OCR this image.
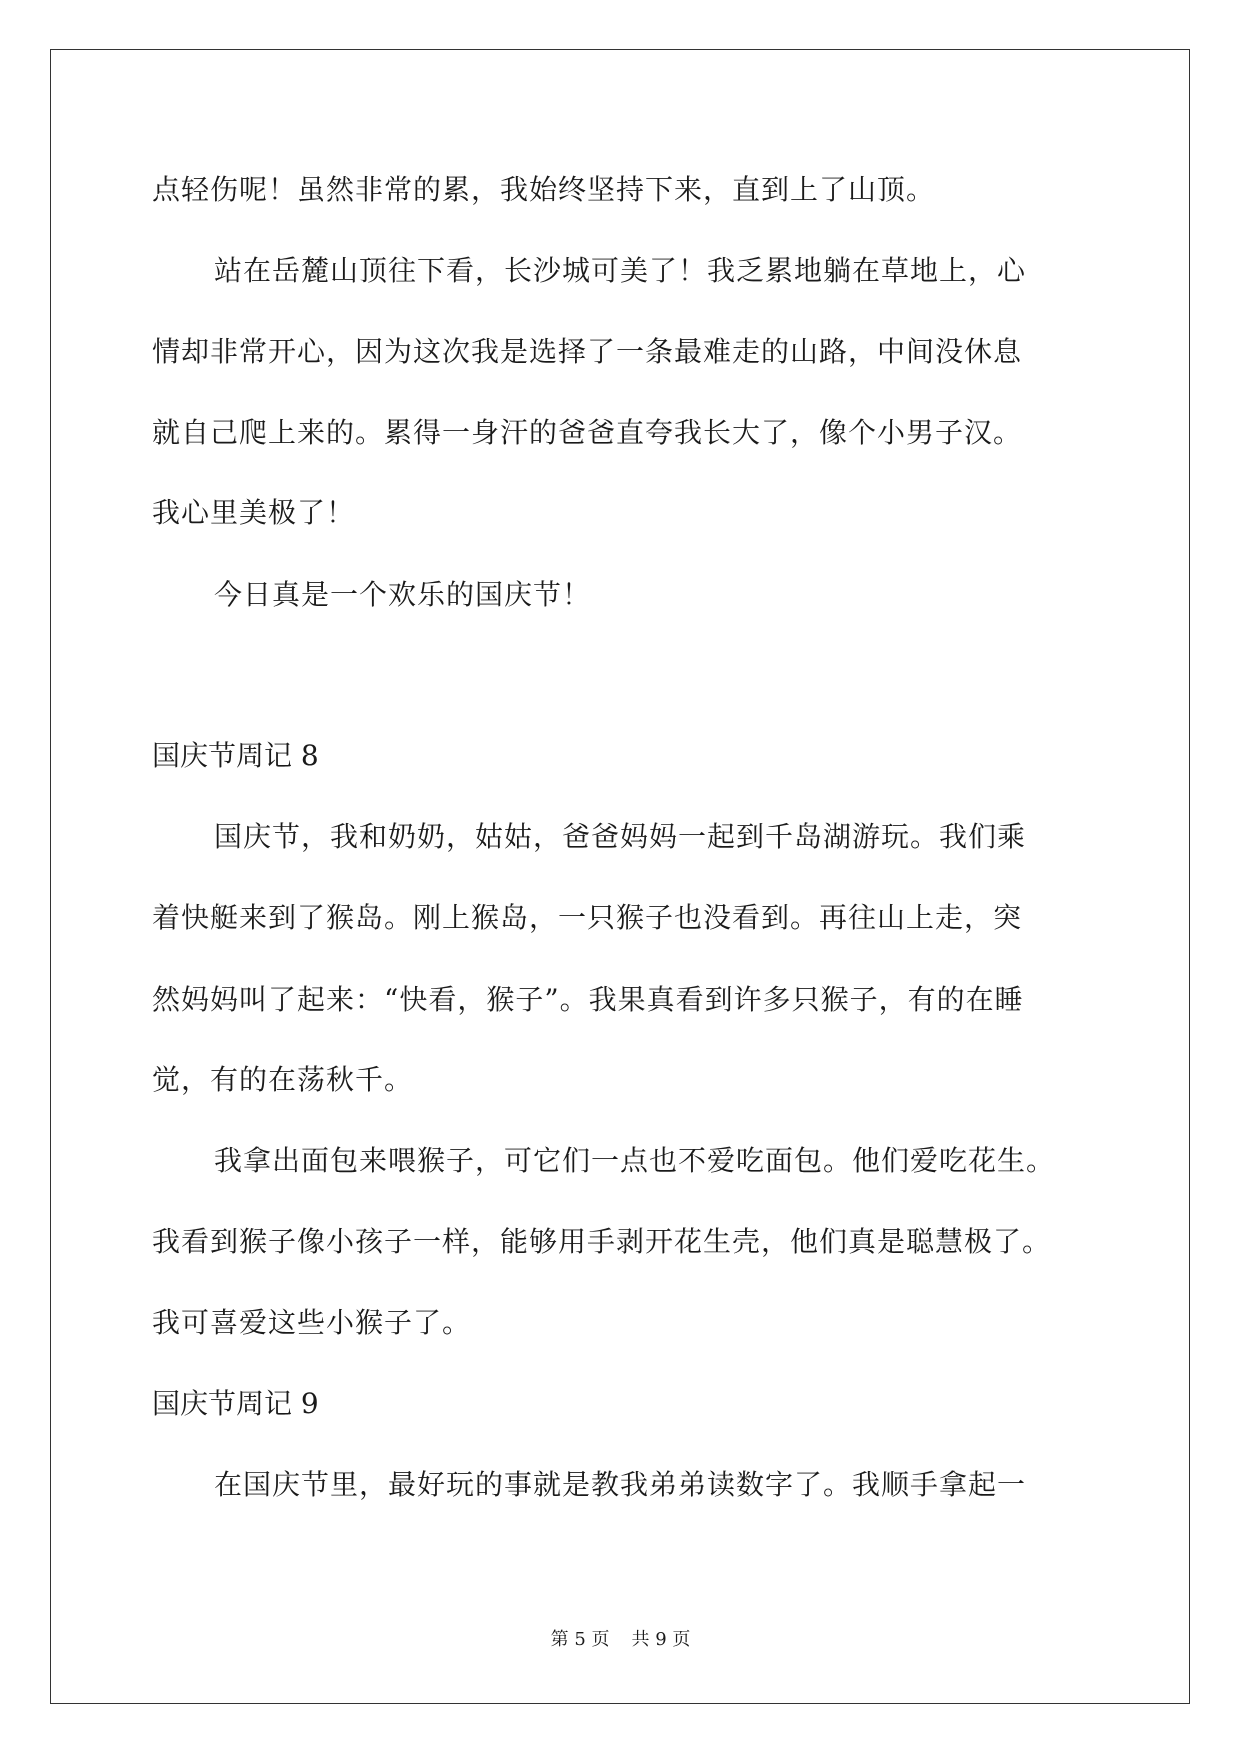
点轻伤呢！虽然非常的累，我始终坚持下来，直到上了山顶。
站在岳麓山顶往下看，长沙城可美了！我乏累地躺在草地上，心
情却非常开心，因为这次我是选择了一条最难走的山路，中间没休息
就自己爬上来的。累得一身汗的爸爸直夸我长大了，像个小男子汉。
我心里美极了！
今日真是一个欢乐的国庆节！
国庆节周记 8
国庆节，我和奶奶，姑姑，爸爸妈妈一起到千岛湖游玩。我们乘
着快艇来到了猴岛。刚上猴岛，一只猴子也没看到。再往山上走，突
然妈妈叫了起来：“快看，猴子”。我果真看到许多只猴子，有的在睡
觉，有的在荡秋千。
我拿出面包来喂猴子，可它们一点也不爱吃面包。他们爱吃花生。
我看到猴子像小孩子一样，能够用手剥开花生壳，他们真是聪慧极了。
我可喜爱这些小猴子了。
国庆节周记 9
在国庆节里，最好玩的事就是教我弟弟读数字了。我顺手拿起一
第 5 页 共 9 页
